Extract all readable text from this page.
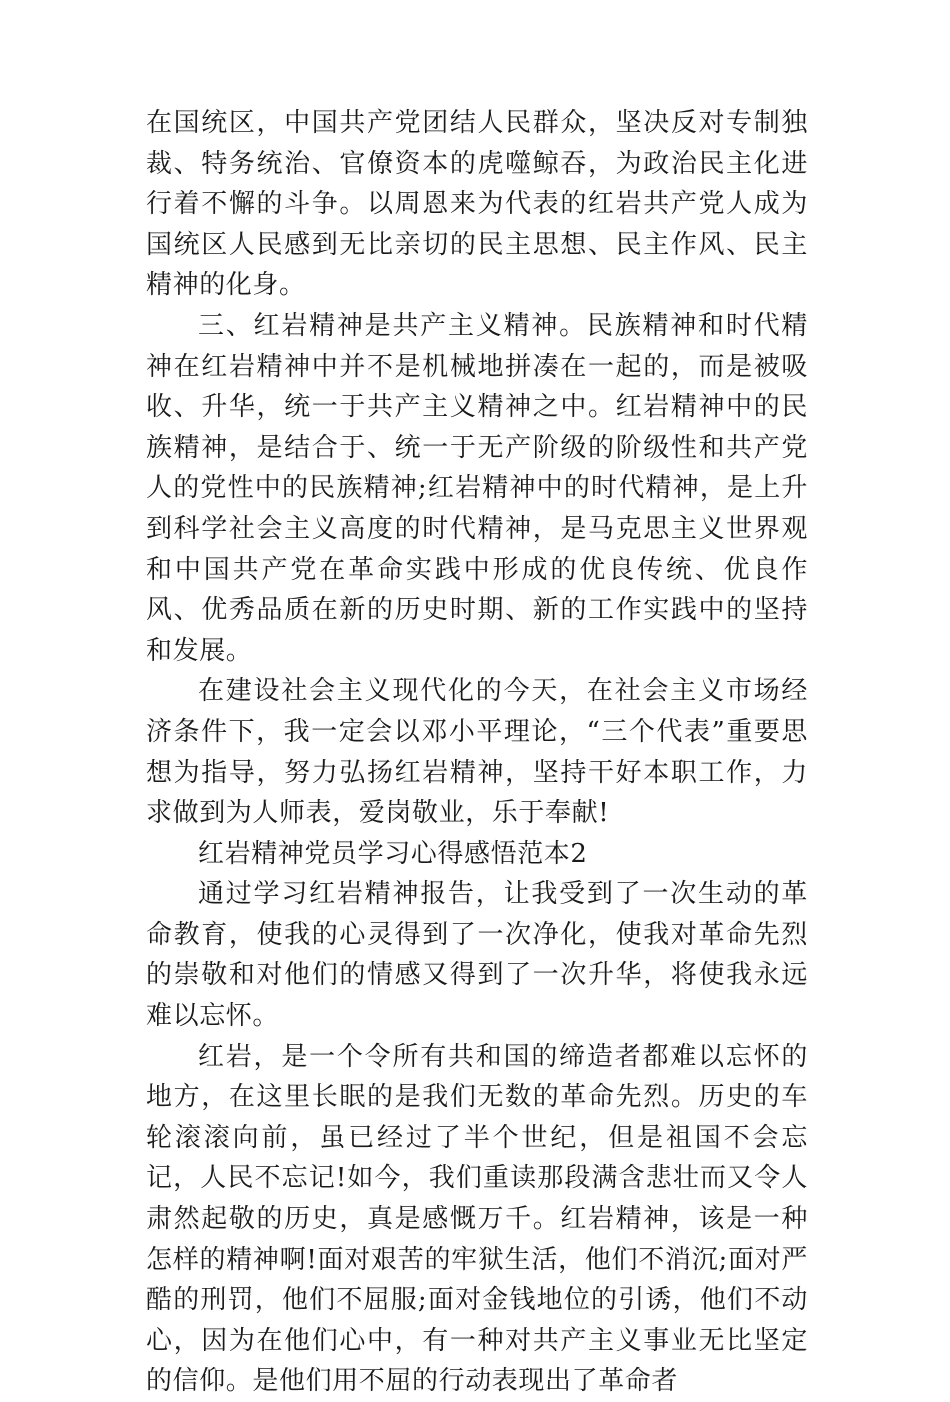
在国统区，中国共产党团结人民群众，坚决反对专制独裁、特务统治、官僚资本的虎噬鲸吞，为政治民主化进行着不懈的斗争。以周恩来为代表的红岩共产党人成为国统区人民感到无比亲切的民主思想、民主作风、民主精神的化身。

三、红岩精神是共产主义精神。民族精神和时代精神在红岩精神中并不是机械地拼凑在一起的，而是被吸收、升华，统一于共产主义精神之中。红岩精神中的民族精神，是结合于、统一于无产阶级的阶级性和共产党人的党性中的民族精神;红岩精神中的时代精神，是上升到科学社会主义高度的时代精神，是马克思主义世界观和中国共产党在革命实践中形成的优良传统、优良作风、优秀品质在新的历史时期、新的工作实践中的坚持和发展。

在建设社会主义现代化的今天，在社会主义市场经济条件下，我一定会以邓小平理论，“三个代表”重要思想为指导，努力弘扬红岩精神，坚持干好本职工作，力求做到为人师表，爱岗敬业，乐于奉献!

红岩精神党员学习心得感悟范本2

通过学习红岩精神报告，让我受到了一次生动的革命教育，使我的心灵得到了一次净化，使我对革命先烈的崇敬和对他们的情感又得到了一次升华，将使我永远难以忘怀。

红岩，是一个令所有共和国的缔造者都难以忘怀的地方，在这里长眠的是我们无数的革命先烈。历史的车轮滚滚向前，虽已经过了半个世纪，但是祖国不会忘记，人民不忘记!如今，我们重读那段满含悲壮而又令人肃然起敬的历史，真是感慨万千。红岩精神，该是一种怎样的精神啊!面对艰苦的牢狱生活，他们不消沉;面对严酷的刑罚，他们不屈服;面对金钱地位的引诱，他们不动心，因为在他们心中，有一种对共产主义事业无比坚定的信仰。是他们用不屈的行动表现出了革命者
